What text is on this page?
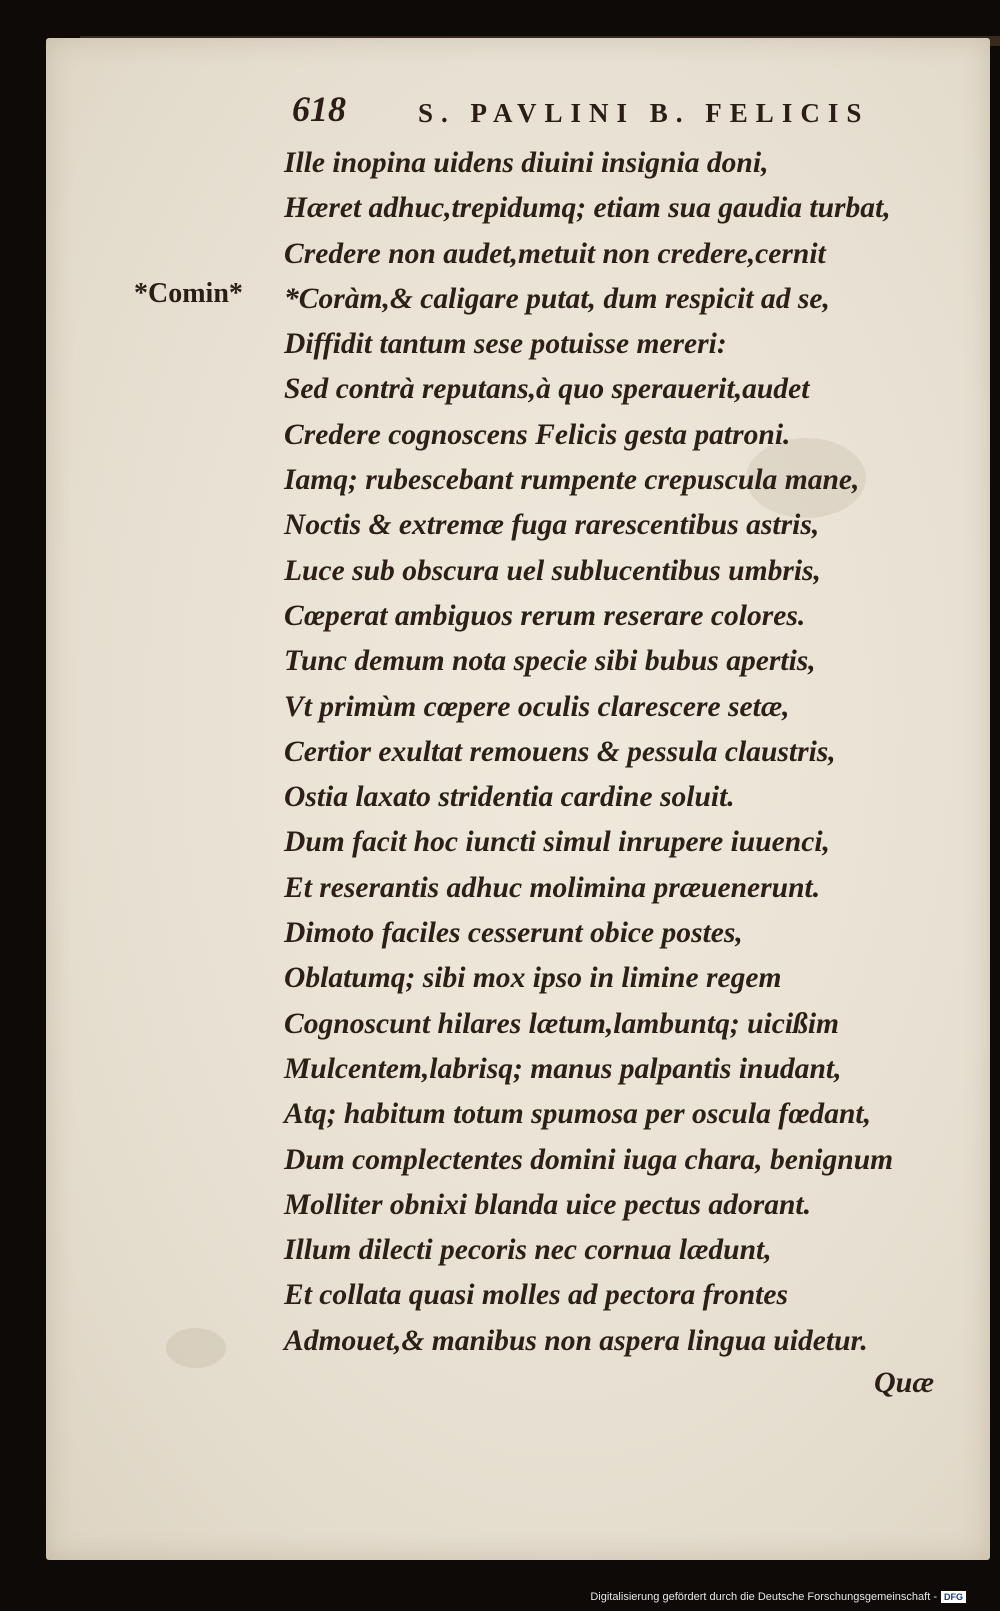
618	S. PAVLINI B. FELICIS
*Comin*
Ille inopina uidens diuini insignia doni,
Hæret adhuc,trepidumq; etiam sua gaudia turbat,
Credere non audet,metuit non credere,cernit
*Coràm,& caligare putat, dum respicit ad se,
Diffidit tantum sese potuisse mereri:
Sed contrà reputans,à quo sperauerit,audet
Credere cognoscens Felicis gesta patroni.
Iamq; rubescebant rumpente crepuscula mane,
Noctis & extremæ fuga rarescentibus astris,
Luce sub obscura uel sublucentibus umbris,
Cœperat ambiguos rerum reserare colores.
Tunc demum nota specie sibi bubus apertis,
Vt primùm cœpere oculis clarescere setæ,
Certior exultat remouens & pessula claustris,
Ostia laxato stridentia cardine soluit.
Dum facit hoc iuncti simul inrupere iuuenci,
Et reserantis adhuc molimina præuenerunt.
Dimoto faciles cesserunt obice postes,
Oblatumq; sibi mox ipso in limine regem
Cognoscunt hilares lætum,lambuntq; uicißim
Mulcentem,labrisq; manus palpantis inudant,
Atq; habitum totum spumosa per oscula fœdant,
Dum complectentes domini iuga chara, benignum
Molliter obnixi blanda uice pectus adorant.
Illum dilecti pecoris nec cornua lædunt,
Et collata quasi molles ad pectora frontes
Admouet,& manibus non aspera lingua uidetur.
Quæ
Digitalisierung gefördert durch die Deutsche Forschungsgemeinschaft - DFG
